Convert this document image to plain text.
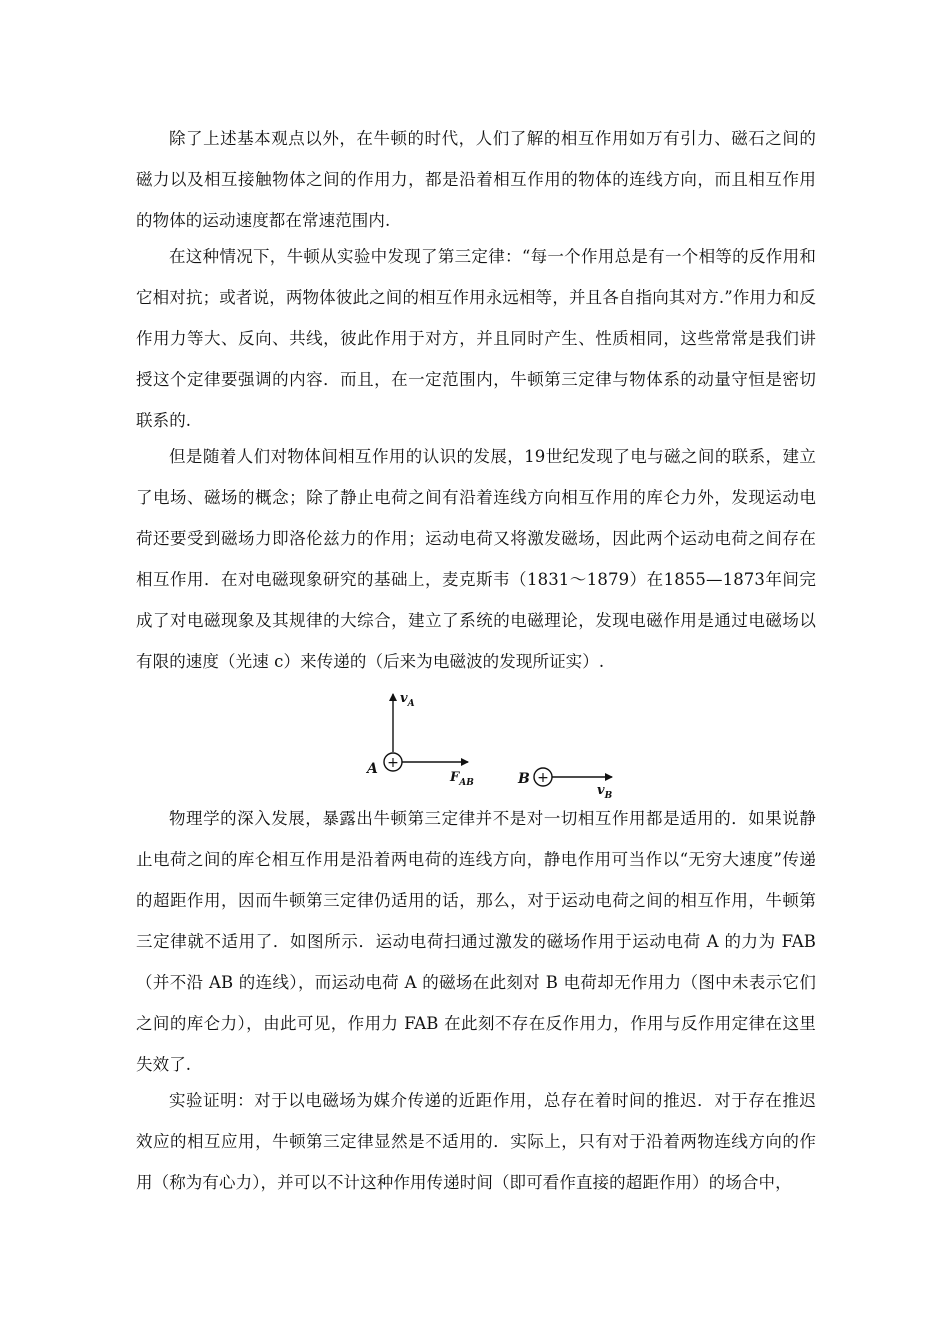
除了上述基本观点以外，在牛顿的时代，人们了解的相互作用如万有引力、磁石之间的磁力以及相互接触物体之间的作用力，都是沿着相互作用的物体的连线方向，而且相互作用的物体的运动速度都在常速范围内.

在这种情况下，牛顿从实验中发现了第三定律：“每一个作用总是有一个相等的反作用和它相对抗；或者说，两物体彼此之间的相互作用永远相等，并且各自指向其对方.”作用力和反作用力等大、反向、共线，彼此作用于对方，并且同时产生、性质相同，这些常常是我们讲授这个定律要强调的内容．而且，在一定范围内，牛顿第三定律与物体系的动量守恒是密切联系的.

但是随着人们对物体间相互作用的认识的发展，19世纪发现了电与磁之间的联系，建立了电场、磁场的概念；除了静止电荷之间有沿着连线方向相互作用的库仑力外，发现运动电荷还要受到磁场力即洛伦兹力的作用；运动电荷又将激发磁场，因此两个运动电荷之间存在相互作用．在对电磁现象研究的基础上，麦克斯韦（1831～1879）在1855—1873年间完成了对电磁现象及其规律的大综合，建立了系统的电磁理论，发现电磁作用是通过电磁场以有限的速度（光速 c）来传递的（后来为电磁波的发现所证实）.

$v_A$
$F_{AB}$
+
A
+
B
$v_B$

物理学的深入发展，暴露出牛顿第三定律并不是对一切相互作用都是适用的．如果说静止电荷之间的库仑相互作用是沿着两电荷的连线方向，静电作用可当作以“无穷大速度”传递的超距作用，因而牛顿第三定律仍适用的话，那么，对于运动电荷之间的相互作用，牛顿第三定律就不适用了．如图所示．运动电荷扫通过激发的磁场作用于运动电荷 A 的力为 FAB（并不沿 AB 的连线），而运动电荷 A 的磁场在此刻对 B 电荷却无作用力（图中未表示它们之间的库仑力），由此可见，作用力 FAB 在此刻不存在反作用力，作用与反作用定律在这里失效了.

实验证明：对于以电磁场为媒介传递的近距作用，总存在着时间的推迟．对于存在推迟效应的相互应用，牛顿第三定律显然是不适用的．实际上，只有对于沿着两物连线方向的作用（称为有心力），并可以不计这种作用传递时间（即可看作直接的超距作用）的场合中，
